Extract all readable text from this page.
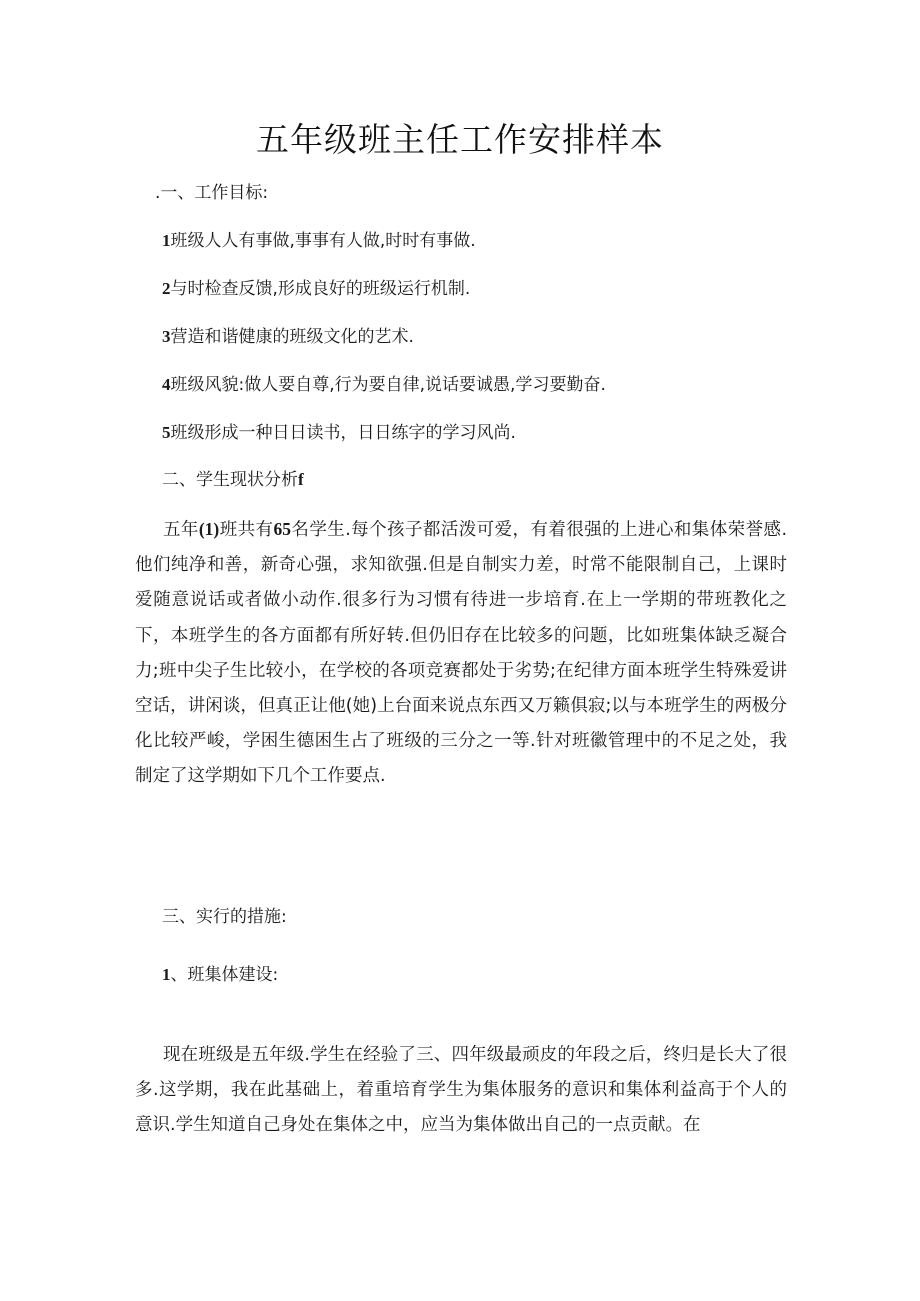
五年级班主任工作安排样本
.一、工作目标:
1班级人人有事做,事事有人做,时时有事做.
2与时检查反馈,形成良好的班级运行机制.
3营造和谐健康的班级文化的艺术.
4班级风貌:做人要自尊,行为要自律,说话要诚愚,学习要勤奋.
5班级形成一种日日读书，日日练字的学习风尚.
二、学生现状分析f
五年(1)班共有65名学生.每个孩子都活泼可爱，有着很强的上进心和集体荣誉感.他们纯净和善，新奇心强，求知欲强.但是自制实力差，时常不能限制自己，上课时爱随意说话或者做小动作.很多行为习惯有待进一步培育.在上一学期的带班教化之下，本班学生的各方面都有所好转.但仍旧存在比较多的问题，比如班集体缺乏凝合力;班中尖子生比较小，在学校的各项竞赛都处于劣势;在纪律方面本班学生特殊爱讲空话，讲闲谈，但真正让他(她)上台面来说点东西又万籁俱寂;以与本班学生的两极分化比较严峻，学困生德困生占了班级的三分之一等.针对班徽管理中的不足之处，我制定了这学期如下几个工作要点.
三、实行的措施:
1、班集体建设:
现在班级是五年级.学生在经验了三、四年级最顽皮的年段之后，终归是长大了很多.这学期，我在此基础上，着重培育学生为集体服务的意识和集体利益高于个人的意识.学生知道自己身处在集体之中，应当为集体做出自己的一点贡献。在
